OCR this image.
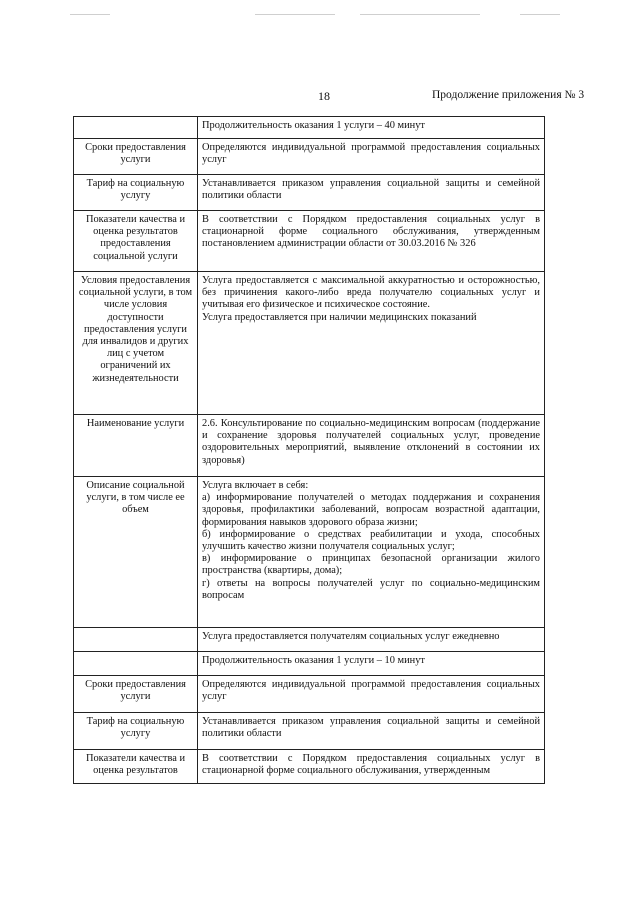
18	Продолжение приложения № 3

	Продолжительность оказания 1 услуги – 40 минут

Сроки предоставления услуги	Определяются индивидуальной программой предоставления социальных услуг

Тариф на социальную услугу	Устанавливается приказом управления социальной защиты и семейной политики области

Показатели качества и оценка результатов предоставления социальной услуги	В соответствии с Порядком предоставления социальных услуг в стационарной форме социального обслуживания, утвержденным постановлением администрации области от 30.03.2016 № 326

Условия предоставления социальной услуги, в том числе условия доступности предоставления услуги для инвалидов и других лиц с учетом ограничений их жизнедеятельности	Услуга предоставляется с максимальной аккуратностью и осторожностью, без причинения какого-либо вреда получателю социальных услуг и учитывая его физическое и психическое состояние.

Услуга предоставляется при наличии медицинских показаний

Наименование услуги	2.6. Консультирование по социально-медицинским вопросам (поддержание и сохранение здоровья получателей социальных услуг, проведение оздоровительных мероприятий, выявление отклонений в состоянии их здоровья)

Описание социальной услуги, в том числе ее объем	Услуга включает в себя:

а) информирование получателей о методах поддержания и сохранения здоровья, профилактики заболеваний, вопросам возрастной адаптации, формирования навыков здорового образа жизни;

б) информирование о средствах реабилитации и ухода, способных улучшить качество жизни получателя социальных услуг;

в) информирование о принципах безопасной организации жилого пространства (квартиры, дома);

г) ответы на вопросы получателей услуг по социально-медицинским вопросам

	Услуга предоставляется получателям социальных услуг ежедневно

	Продолжительность оказания 1 услуги – 10 минут

Сроки предоставления услуги	Определяются индивидуальной программой предоставления социальных услуг

Тариф на социальную услугу	Устанавливается приказом управления социальной защиты и семейной политики области

Показатели качества и оценка результатов	В соответствии с Порядком предоставления социальных услуг в стационарной форме социального обслуживания, утвержденным
